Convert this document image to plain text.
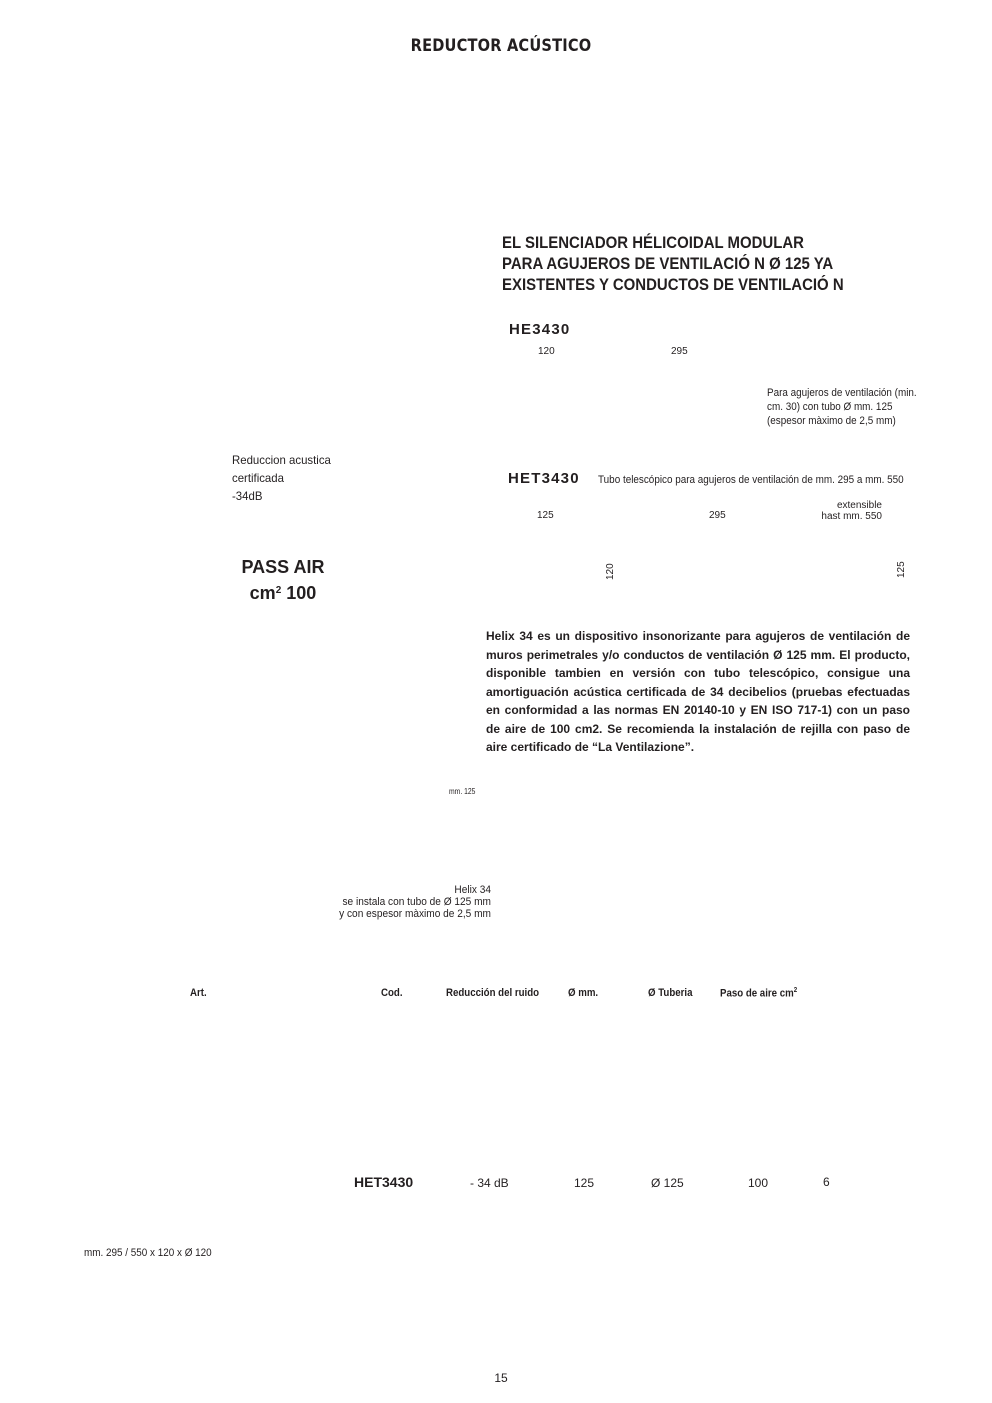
REDUCTOR ACÚSTICO
EL SILENCIADOR HÉLICOIDAL MODULAR
PARA AGUJEROS DE VENTILACIÓ N Ø 125 YA
EXISTENTES Y CONDUCTOS DE VENTILACIÓ N
HE3430
120	295
Para agujeros de ventilación (min.
cm. 30) con tubo Ø mm. 125
(espesor màximo de 2,5 mm)
Reduccion acustica
certificada
-34dB
HET3430 Tubo telescópico para agujeros de ventilación de mm. 295 a mm. 550
125	295
extensible
hast mm. 550
120	125
PASS AIR
$cm^2$ 100
Helix 34 es un dispositivo insonorizante para agujeros de ventilación de muros perimetrales y/o conductos de ventilación Ø 125 mm. El producto, disponible tambien en versión con tubo telescópico, consigue una amortiguación acústica certificada de 34 decibelios (pruebas efectuadas en conformidad a las normas EN 20140-10 y EN ISO 717-1) con un paso de aire de 100 cm2. Se recomienda la instalación de rejilla con paso de aire certificado de “La Ventilazione”.
mm. 125
Helix 34
se instala con tubo de Ø 125 mm
y con espesor màximo de 2,5 mm
Art.	Cod.	Reducción del ruido	Ø mm.	Ø Tuberia	Paso de aire $cm^2$
HET3430	- 34 dB	125	Ø 125	100	6
mm. 295 / 550 x 120 x Ø 120
15
